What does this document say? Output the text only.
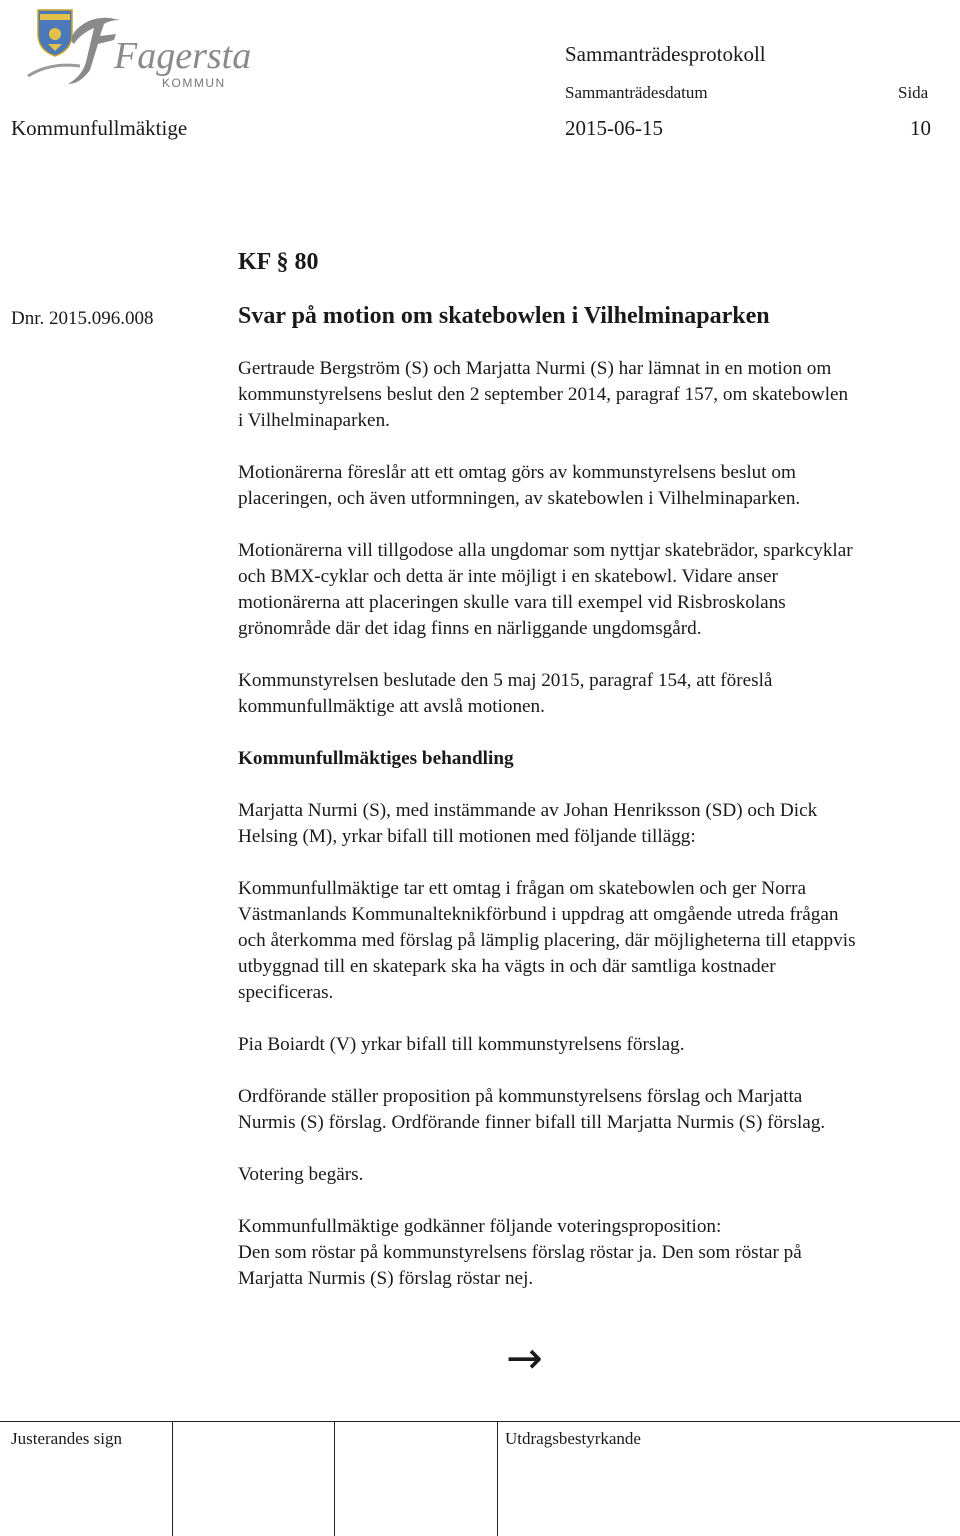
KOMMUN
Fagersta	Sammanträdesprotokoll
Sammanträdesdatum	Sida
Kommunfullmäktige	2015-06-15	10
KF § 80
Dnr. 2015.096.008	Svar på motion om skatebowlen i Vilhelminaparken

Gertraude Bergström (S) och Marjatta Nurmi (S) har lämnat in en motion om
kommunstyrelsens beslut den 2 september 2014, paragraf 157, om skatebowlen
i Vilhelminaparken.

Motionärerna föreslår att ett omtag görs av kommunstyrelsens beslut om
placeringen, och även utformningen, av skatebowlen i Vilhelminaparken.

Motionärerna vill tillgodose alla ungdomar som nyttjar skatebrädor, sparkcyklar
och BMX-cyklar och detta är inte möjligt i en skatebowl. Vidare anser
motionärerna att placeringen skulle vara till exempel vid Risbroskolans
grönområde där det idag finns en närliggande ungdomsgård.

Kommunstyrelsen beslutade den 5 maj 2015, paragraf 154, att föreslå
kommunfullmäktige att avslå motionen.

Kommunfullmäktiges behandling

Marjatta Nurmi (S), med instämmande av Johan Henriksson (SD) och Dick
Helsing (M), yrkar bifall till motionen med följande tillägg:

Kommunfullmäktige tar ett omtag i frågan om skatebowlen och ger Norra
Västmanlands Kommunalteknikförbund i uppdrag att omgående utreda frågan
och återkomma med förslag på lämplig placering, där möjligheterna till etappvis
utbyggnad till en skatepark ska ha vägts in och där samtliga kostnader
specificeras.

Pia Boiardt (V) yrkar bifall till kommunstyrelsens förslag.

Ordförande ställer proposition på kommunstyrelsens förslag och Marjatta
Nurmis (S) förslag. Ordförande finner bifall till Marjatta Nurmis (S) förslag.

Votering begärs.

Kommunfullmäktige godkänner följande voteringsproposition:
Den som röstar på kommunstyrelsens förslag röstar ja. Den som röstar på
Marjatta Nurmis (S) förslag röstar nej.

→
Justerandes sign	Utdragsbestyrkande
